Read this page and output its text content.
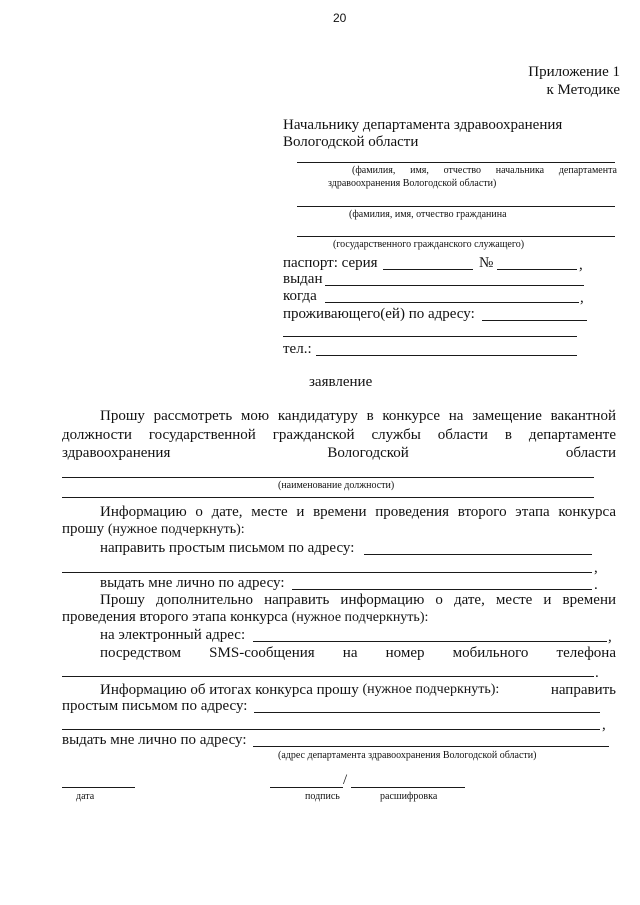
20
Приложение 1
к Методике
Начальнику департамента здравоохранения
Вологодской области
(фамилия, имя, отчество начальника департамента
здравоохранения Вологодской области)
(фамилия, имя, отчество гражданина
(государственного гражданского служащего)
паспорт: серия	№	,
выдан
когда	,
проживающего(ей) по адресу:
тел.:
заявление
Прошу рассмотреть мою кандидатуру в конкурсе на замещение вакантной
должности государственной гражданской службы области в департаменте
здравоохранения Вологодской области
(наименование должности)
Информацию о дате, месте и времени проведения второго этапа конкурса
прошу (нужное подчеркнуть):
направить простым письмом по адресу:
,
выдать мне лично по адресу:	.
Прошу дополнительно направить информацию о дате, месте и времени
проведения второго этапа конкурса (нужное подчеркнуть):
на электронный адрес:	,
посредством SMS-сообщения на номер мобильного телефона
.
Информацию об итогах конкурса прошу
(нужное подчеркнуть):
	направить
простым письмом по адресу:
,
выдать мне лично по адресу:
(адрес департамента здравоохранения Вологодской области)
дата
/
подпись	расшифровка
